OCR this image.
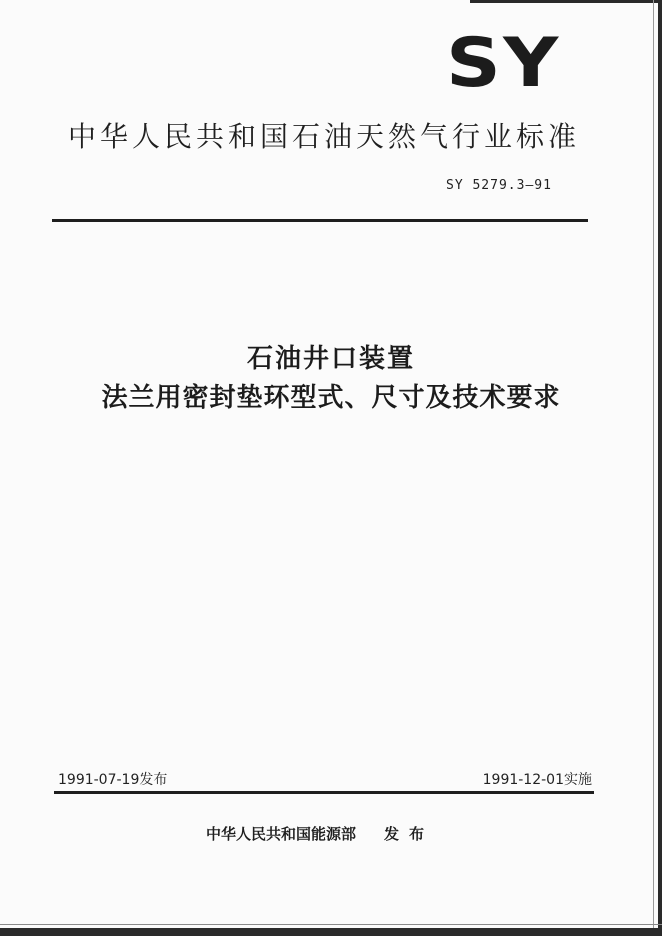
SY
中华人民共和国石油天然气行业标准
SY 5279.3—91
石油井口装置
法兰用密封垫环型式、尺寸及技术要求
1991-07-19发布	1991-12-01实施
中华人民共和国能源部 发布
